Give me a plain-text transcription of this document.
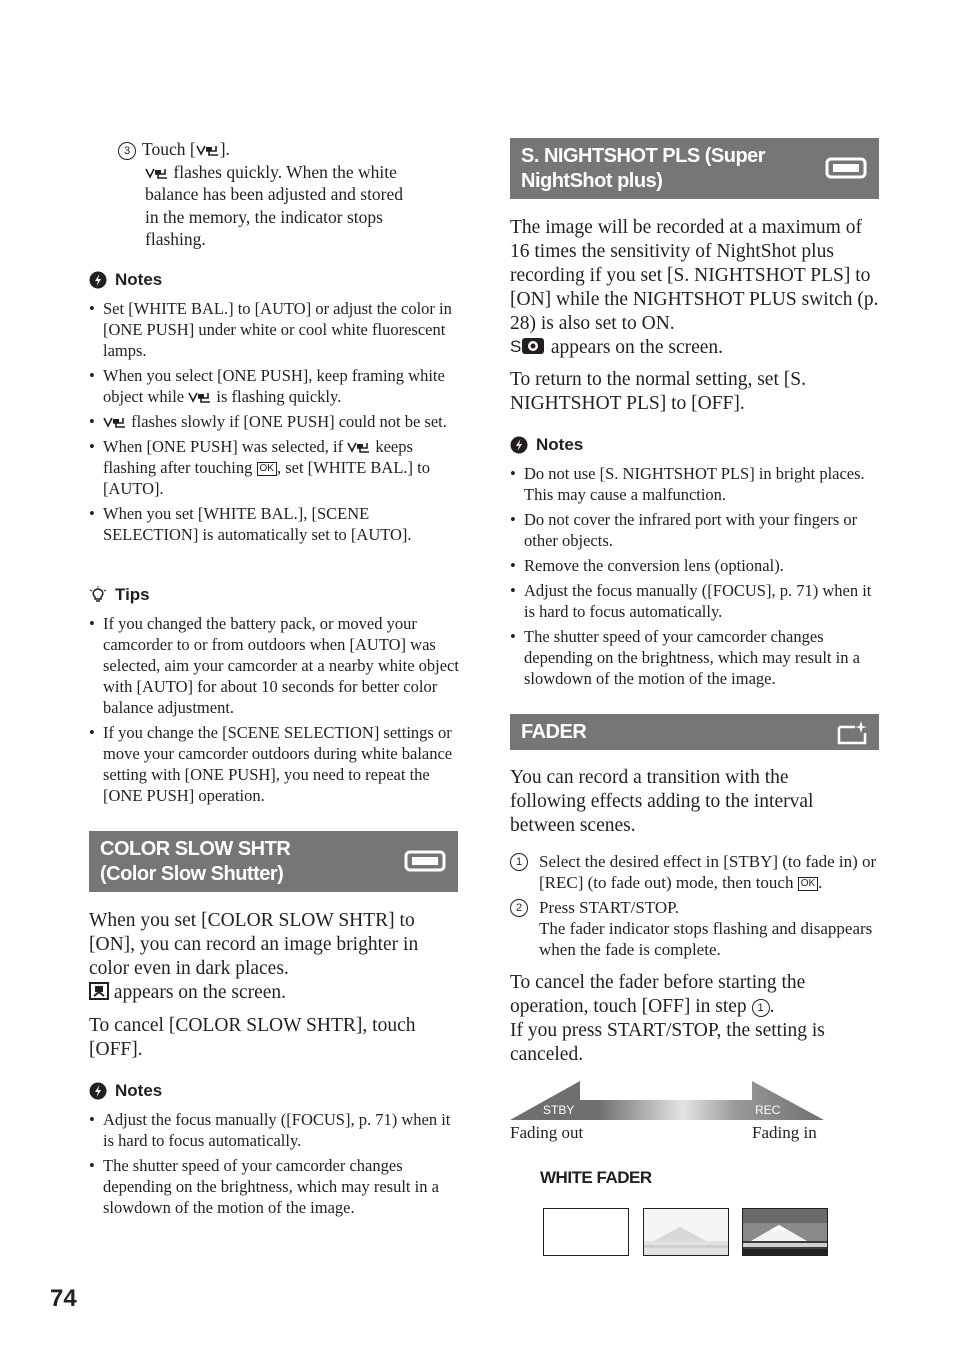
3 Touch [ ].
flashes quickly. When the white
balance has been adjusted and stored
in the memory, the indicator stops
flashing.
Notes
• Set [WHITE BAL.] to [AUTO] or adjust the color in [ONE PUSH] under white or cool white fluorescent lamps.
• When you select [ONE PUSH], keep framing white object while is flashing quickly.
• flashes slowly if [ONE PUSH] could not be set.
• When [ONE PUSH] was selected, if keeps flashing after touching OK , set [WHITE BAL.] to [AUTO].
• When you set [WHITE BAL.], [SCENE SELECTION] is automatically set to [AUTO].
Tips
• If you changed the battery pack, or moved your camcorder to or from outdoors when [AUTO] was selected, aim your camcorder at a nearby white object with [AUTO] for about 10 seconds for better color balance adjustment.
• If you change the [SCENE SELECTION] settings or move your camcorder outdoors during white balance setting with [ONE PUSH], you need to repeat the [ONE PUSH] operation.
COLOR SLOW SHTR
(Color Slow Shutter)
When you set [COLOR SLOW SHTR] to [ON], you can record an image brighter in color even in dark places.
appears on the screen.
To cancel [COLOR SLOW SHTR], touch [OFF].
Notes
• Adjust the focus manually ([FOCUS], p. 71) when it is hard to focus automatically.
• The shutter speed of your camcorder changes depending on the brightness, which may result in a slowdown of the motion of the image.
74
S. NIGHTSHOT PLS (Super
NightShot plus)
The image will be recorded at a maximum of 16 times the sensitivity of NightShot plus recording if you set [S. NIGHTSHOT PLS] to [ON] while the NIGHTSHOT PLUS switch (p. 28) is also set to ON.
S appears on the screen.
To return to the normal setting, set [S. NIGHTSHOT PLS] to [OFF].
Notes
• Do not use [S. NIGHTSHOT PLS] in bright places. This may cause a malfunction.
• Do not cover the infrared port with your fingers or other objects.
• Remove the conversion lens (optional).
• Adjust the focus manually ([FOCUS], p. 71) when it is hard to focus automatically.
• The shutter speed of your camcorder changes depending on the brightness, which may result in a slowdown of the motion of the image.
FADER
You can record a transition with the following effects adding to the interval between scenes.
1 Select the desired effect in [STBY] (to fade in) or [REC] (to fade out) mode, then touch OK .
2 Press START/STOP.
The fader indicator stops flashing and disappears when the fade is complete.
To cancel the fader before starting the operation, touch [OFF] in step 1 .
If you press START/STOP, the setting is canceled.
STBY	REC
Fading out	Fading in
WHITE FADER
